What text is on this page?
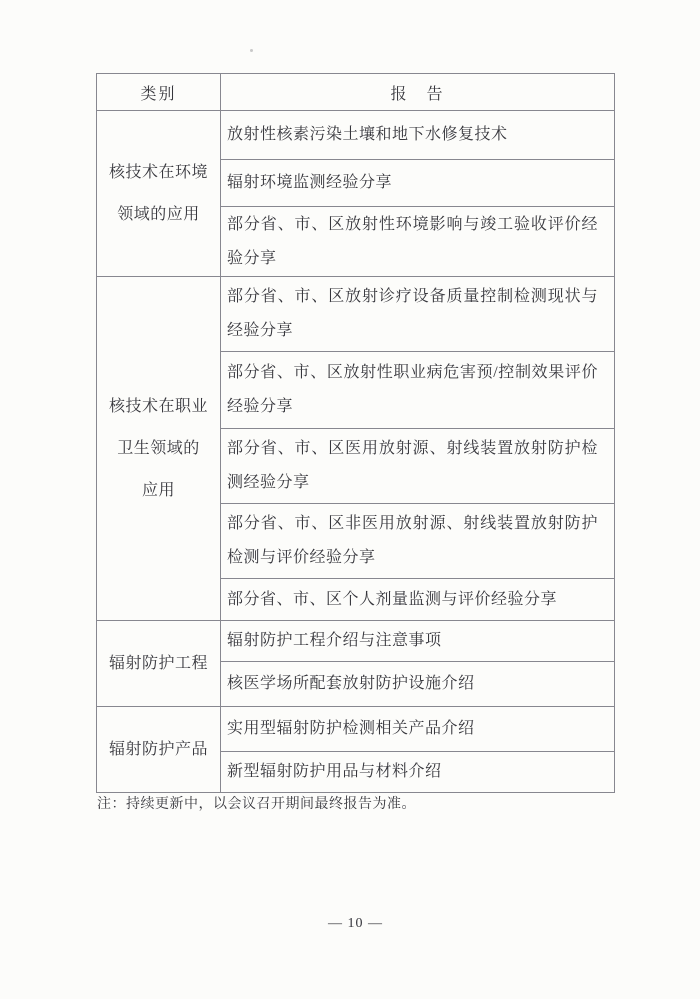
类别	报　告

核技术在环境
领域的应用	放射性核素污染土壤和地下水修复技术
	辐射环境监测经验分享
	部分省、市、区放射性环境影响与竣工验收评价经验分享

核技术在职业
卫生领域的
应用	部分省、市、区放射诊疗设备质量控制检测现状与经验分享
	部分省、市、区放射性职业病危害预/控制效果评价经验分享
	部分省、市、区医用放射源、射线装置放射防护检测经验分享
	部分省、市、区非医用放射源、射线装置放射防护检测与评价经验分享
	部分省、市、区个人剂量监测与评价经验分享

辐射防护工程	辐射防护工程介绍与注意事项
	核医学场所配套放射防护设施介绍

辐射防护产品	实用型辐射防护检测相关产品介绍
	新型辐射防护用品与材料介绍
注：持续更新中，以会议召开期间最终报告为准。
— 10 —
